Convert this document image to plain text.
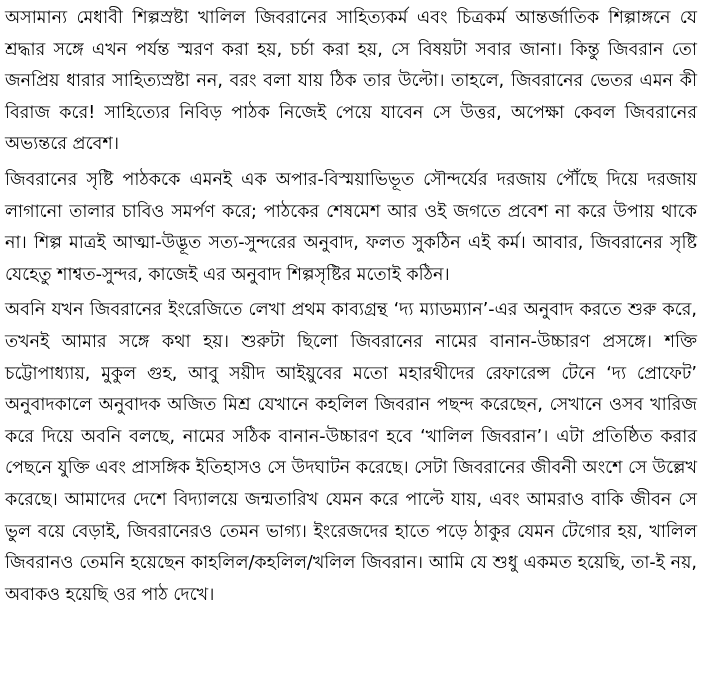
অসামান্য মেধাবী শিল্পস্রষ্টা খালিল জিবরানের সাহিত্যকর্ম এবং চিত্রকর্ম আন্তর্জাতিক শিল্পাঙ্গনে যে শ্রদ্ধার সঙ্গে এখন পর্যন্ত স্মরণ করা হয়, চর্চা করা হয়, সে বিষয়টা সবার জানা। কিন্তু জিবরান তো জনপ্রিয় ধারার সাহিত্যস্রষ্টা নন, বরং বলা যায় ঠিক তার উল্টো। তাহলে, জিবরানের ভেতর এমন কী বিরাজ করে! সাহিত্যের নিবিড় পাঠক নিজেই পেয়ে যাবেন সে উত্তর, অপেক্ষা কেবল জিবরানের অভ্যন্তরে প্রবেশ।

জিবরানের সৃষ্টি পাঠককে এমনই এক অপার-বিস্ময়াভিভূত সৌন্দর্যের দরজায় পৌঁছে দিয়ে দরজায় লাগানো তালার চাবিও সমর্পণ করে; পাঠকের শেষমেশ আর ওই জগতে প্রবেশ না করে উপায় থাকে না। শিল্প মাত্রই আত্মা-উদ্ভূত সত্য-সুন্দরের অনুবাদ, ফলত সুকঠিন এই কর্ম। আবার, জিবরানের সৃষ্টি যেহেতু শাশ্বত-সুন্দর, কাজেই এর অনুবাদ শিল্পসৃষ্টির মতোই কঠিন।

অবনি যখন জিবরানের ইংরেজিতে লেখা প্রথম কাব্যগ্রন্থ ‘দ্য ম্যাডম্যান’-এর অনুবাদ করতে শুরু করে, তখনই আমার সঙ্গে কথা হয়। শুরুটা ছিলো জিবরানের নামের বানান-উচ্চারণ প্রসঙ্গে। শক্তি চট্টোপাধ্যায়, মুকুল গুহ, আবু সয়ীদ আইয়ুবের মতো মহারথীদের রেফারেন্স টেনে ‘দ্য প্রোফেট’ অনুবাদকালে অনুবাদক অজিত মিশ্র যেখানে কহলিল জিবরান পছন্দ করেছেন, সেখানে ওসব খারিজ করে দিয়ে অবনি বলছে, নামের সঠিক বানান-উচ্চারণ হবে ‘খালিল জিবরান’। এটা প্রতিষ্ঠিত করার পেছনে যুক্তি এবং প্রাসঙ্গিক ইতিহাসও সে উদঘাটন করেছে। সেটা জিবরানের জীবনী অংশে সে উল্লেখ করেছে। আমাদের দেশে বিদ্যালয়ে জন্মতারিখ যেমন করে পাল্টে যায়, এবং আমরাও বাকি জীবন সে ভুল বয়ে বেড়াই, জিবরানেরও তেমন ভাগ্য। ইংরেজদের হাতে পড়ে ঠাকুর যেমন টেগোর হয়, খালিল জিবরানও তেমনি হয়েছেন কাহলিল/কহলিল/খলিল জিবরান। আমি যে শুধু একমত হয়েছি, তা-ই নয়, অবাকও হয়েছি ওর পাঠ দেখে।
